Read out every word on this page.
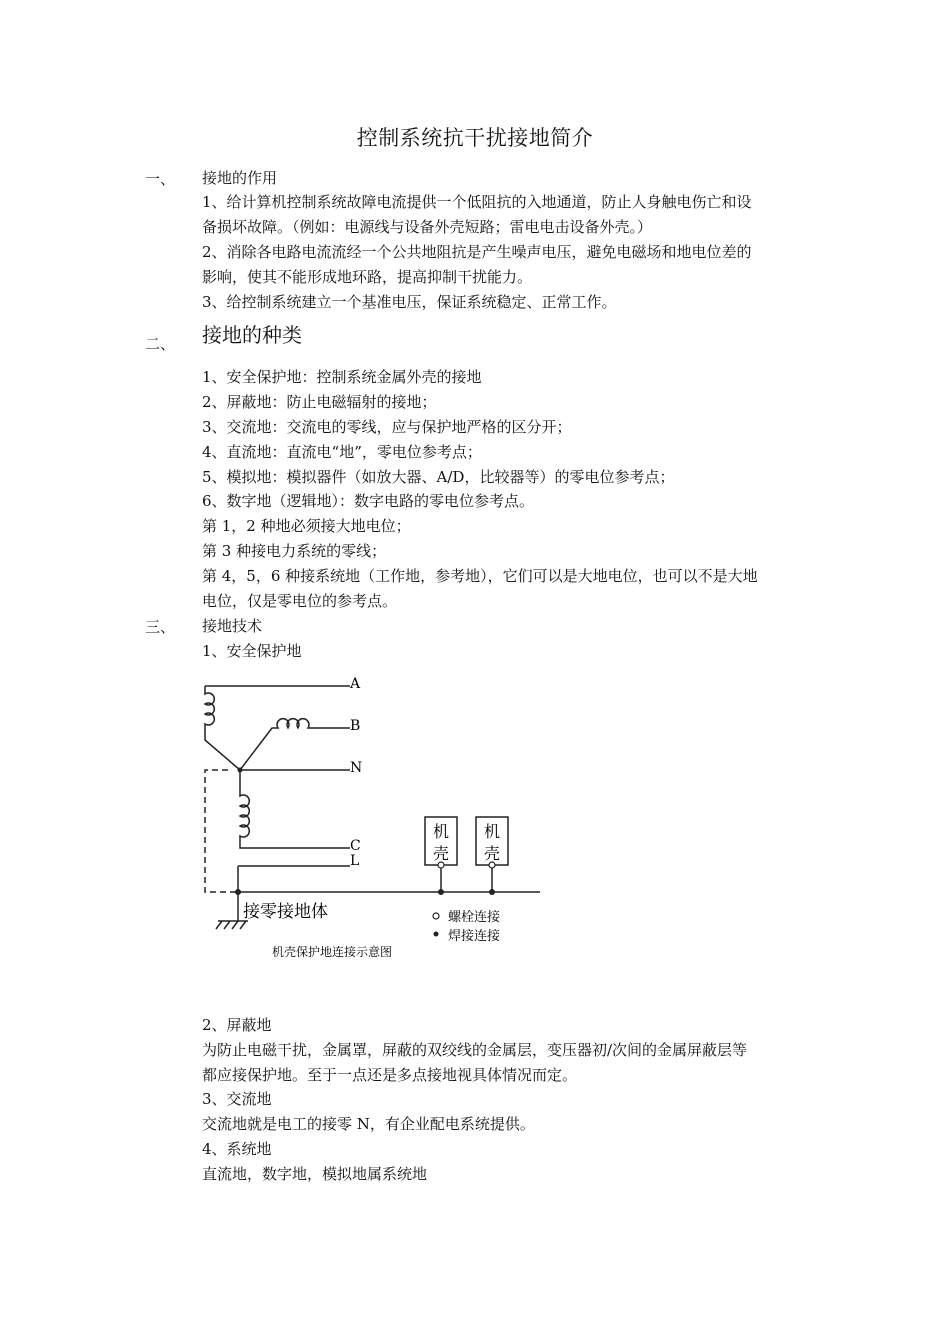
控制系统抗干扰接地简介
一、 接地的作用
1、给计算机控制系统故障电流提供一个低阻抗的入地通道，防止人身触电伤亡和设
备损坏故障。（例如：电源线与设备外壳短路；雷电电击设备外壳。）
2、消除各电路电流流经一个公共地阻抗是产生噪声电压，避免电磁场和地电位差的
影响，使其不能形成地环路，提高抑制干扰能力。
3、给控制系统建立一个基准电压，保证系统稳定、正常工作。
二、 接地的种类
1、安全保护地：控制系统金属外壳的接地
2、屏蔽地：防止电磁辐射的接地；
3、交流地：交流电的零线，应与保护地严格的区分开；
4、直流地：直流电“地”，零电位参考点；
5、模拟地：模拟器件（如放大器、A/D，比较器等）的零电位参考点；
6、数字地（逻辑地）：数字电路的零电位参考点。
第 1，2 种地必须接大地电位；
第 3 种接电力系统的零线；
第 4，5，6 种接系统地（工作地，参考地），它们可以是大地电位，也可以不是大地
电位，仅是零电位的参考点。
三、 接地技术
1、安全保护地
A
B
N
C
L
机
壳
机
壳
接零接地体	螺栓连接
焊接连接
机壳保护地连接示意图
2、屏蔽地
为防止电磁干扰，金属罩，屏蔽的双绞线的金属层，变压器初/次间的金属屏蔽层等
都应接保护地。至于一点还是多点接地视具体情况而定。
3、交流地
交流地就是电工的接零 N，有企业配电系统提供。
4、系统地
直流地，数字地，模拟地属系统地
